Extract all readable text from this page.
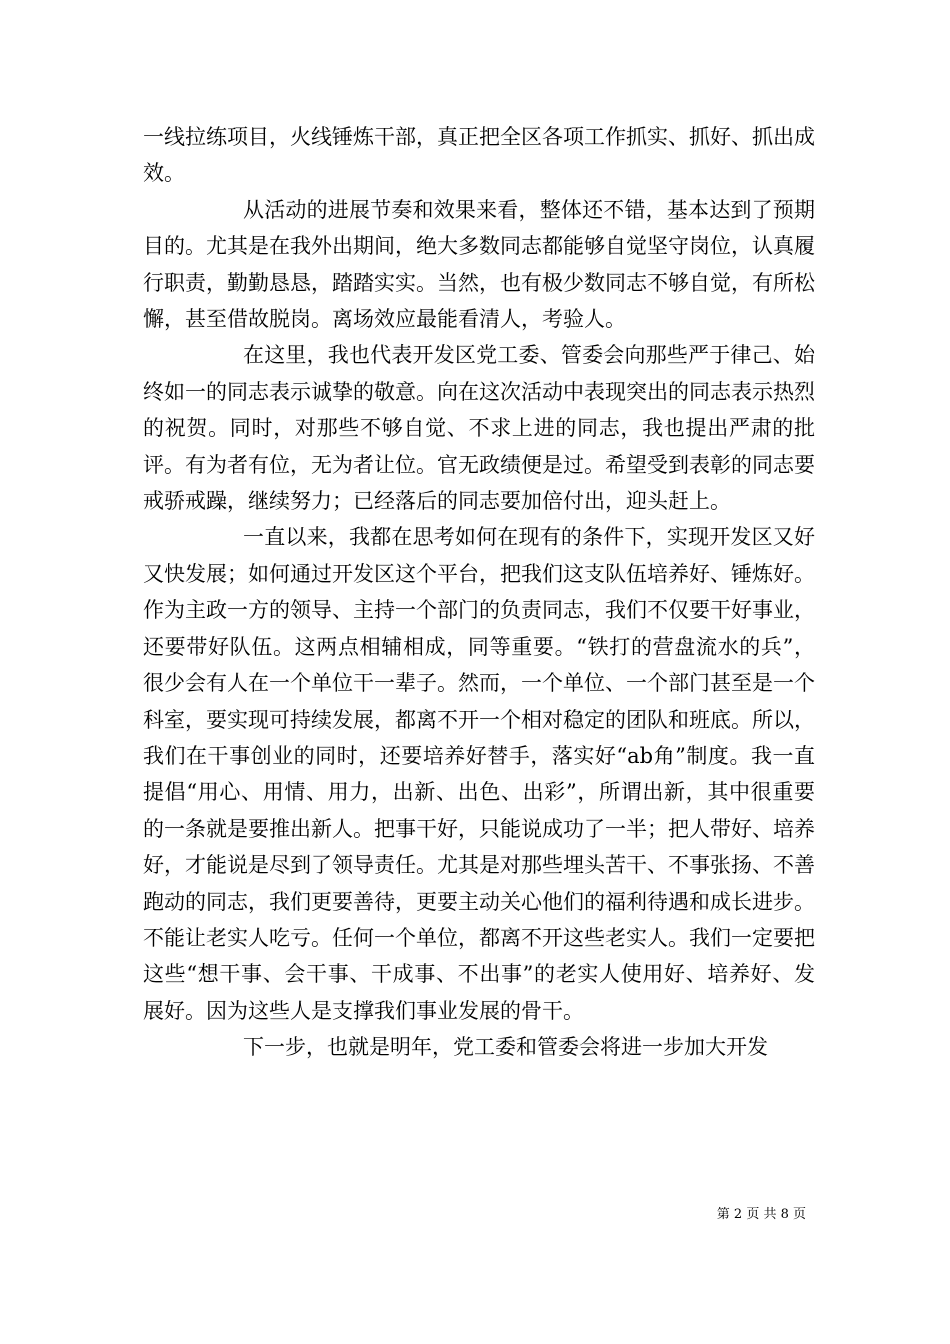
一线拉练项目，火线锤炼干部，真正把全区各项工作抓实、抓好、抓出成效。

从活动的进展节奏和效果来看，整体还不错，基本达到了预期目的。尤其是在我外出期间，绝大多数同志都能够自觉坚守岗位，认真履行职责，勤勤恳恳，踏踏实实。当然，也有极少数同志不够自觉，有所松懈，甚至借故脱岗。离场效应最能看清人，考验人。

在这里，我也代表开发区党工委、管委会向那些严于律己、始终如一的同志表示诚挚的敬意。向在这次活动中表现突出的同志表示热烈的祝贺。同时，对那些不够自觉、不求上进的同志，我也提出严肃的批评。有为者有位，无为者让位。官无政绩便是过。希望受到表彰的同志要戒骄戒躁，继续努力；已经落后的同志要加倍付出，迎头赶上。

一直以来，我都在思考如何在现有的条件下，实现开发区又好又快发展；如何通过开发区这个平台，把我们这支队伍培养好、锤炼好。作为主政一方的领导、主持一个部门的负责同志，我们不仅要干好事业，还要带好队伍。这两点相辅相成，同等重要。“铁打的营盘流水的兵”，很少会有人在一个单位干一辈子。然而，一个单位、一个部门甚至是一个科室，要实现可持续发展，都离不开一个相对稳定的团队和班底。所以，我们在干事创业的同时，还要培养好替手，落实好“ab角”制度。我一直提倡“用心、用情、用力，出新、出色、出彩”，所谓出新，其中很重要的一条就是要推出新人。把事干好，只能说成功了一半；把人带好、培养好，才能说是尽到了领导责任。尤其是对那些埋头苦干、不事张扬、不善跑动的同志，我们更要善待，更要主动关心他们的福利待遇和成长进步。不能让老实人吃亏。任何一个单位，都离不开这些老实人。我们一定要把这些“想干事、会干事、干成事、不出事”的老实人使用好、培养好、发展好。因为这些人是支撑我们事业发展的骨干。

下一步，也就是明年，党工委和管委会将进一步加大开发

第 2 页 共 8 页
